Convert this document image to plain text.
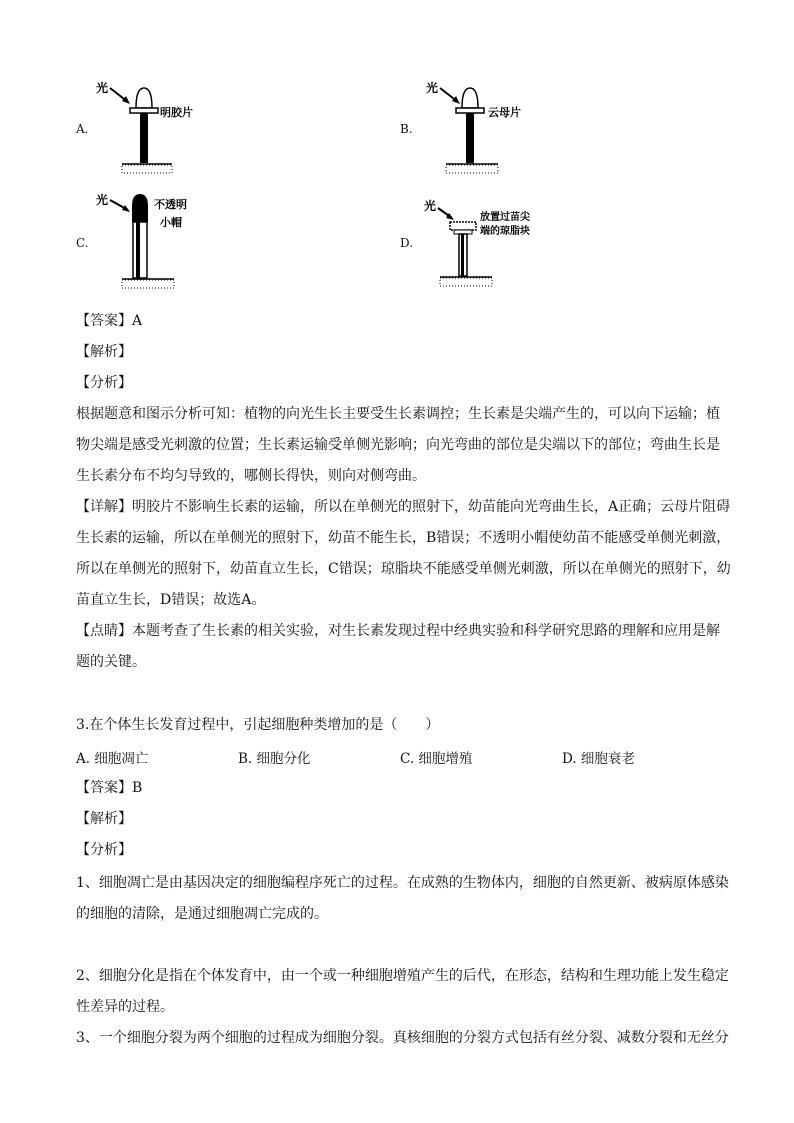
A.
光
明胶片
B.
光
云母片
C.
光	不透明
小帽
D.
光
放置过苗尖
端的琼脂块
【答案】A
【解析】
【分析】
根据题意和图示分析可知：植物的向光生长主要受生长素调控；生长素是尖端产生的，可以向下运输；植
物尖端是感受光刺激的位置；生长素运输受单侧光影响；向光弯曲的部位是尖端以下的部位；弯曲生长是
生长素分布不均匀导致的，哪侧长得快，则向对侧弯曲。
【详解】明胶片不影响生长素的运输，所以在单侧光的照射下，幼苗能向光弯曲生长，A正确；云母片阻碍
生长素的运输，所以在单侧光的照射下，幼苗不能生长，B错误；不透明小帽使幼苗不能感受单侧光刺激，
所以在单侧光的照射下，幼苗直立生长，C错误；琼脂块不能感受单侧光刺激，所以在单侧光的照射下，幼
苗直立生长，D错误；故选A。
【点睛】本题考查了生长素的相关实验，对生长素发现过程中经典实验和科学研究思路的理解和应用是解
题的关键。
3.在个体生长发育过程中，引起细胞种类增加的是（　　）
A. 细胞凋亡	B. 细胞分化	C. 细胞增殖	D. 细胞衰老
【答案】B
【解析】
【分析】
1、细胞凋亡是由基因决定的细胞编程序死亡的过程。在成熟的生物体内，细胞的自然更新、被病原体感染
的细胞的清除，是通过细胞凋亡完成的。
2、细胞分化是指在个体发育中，由一个或一种细胞增殖产生的后代，在形态，结构和生理功能上发生稳定
性差异的过程。
3、一个细胞分裂为两个细胞的过程成为细胞分裂。真核细胞的分裂方式包括有丝分裂、减数分裂和无丝分
